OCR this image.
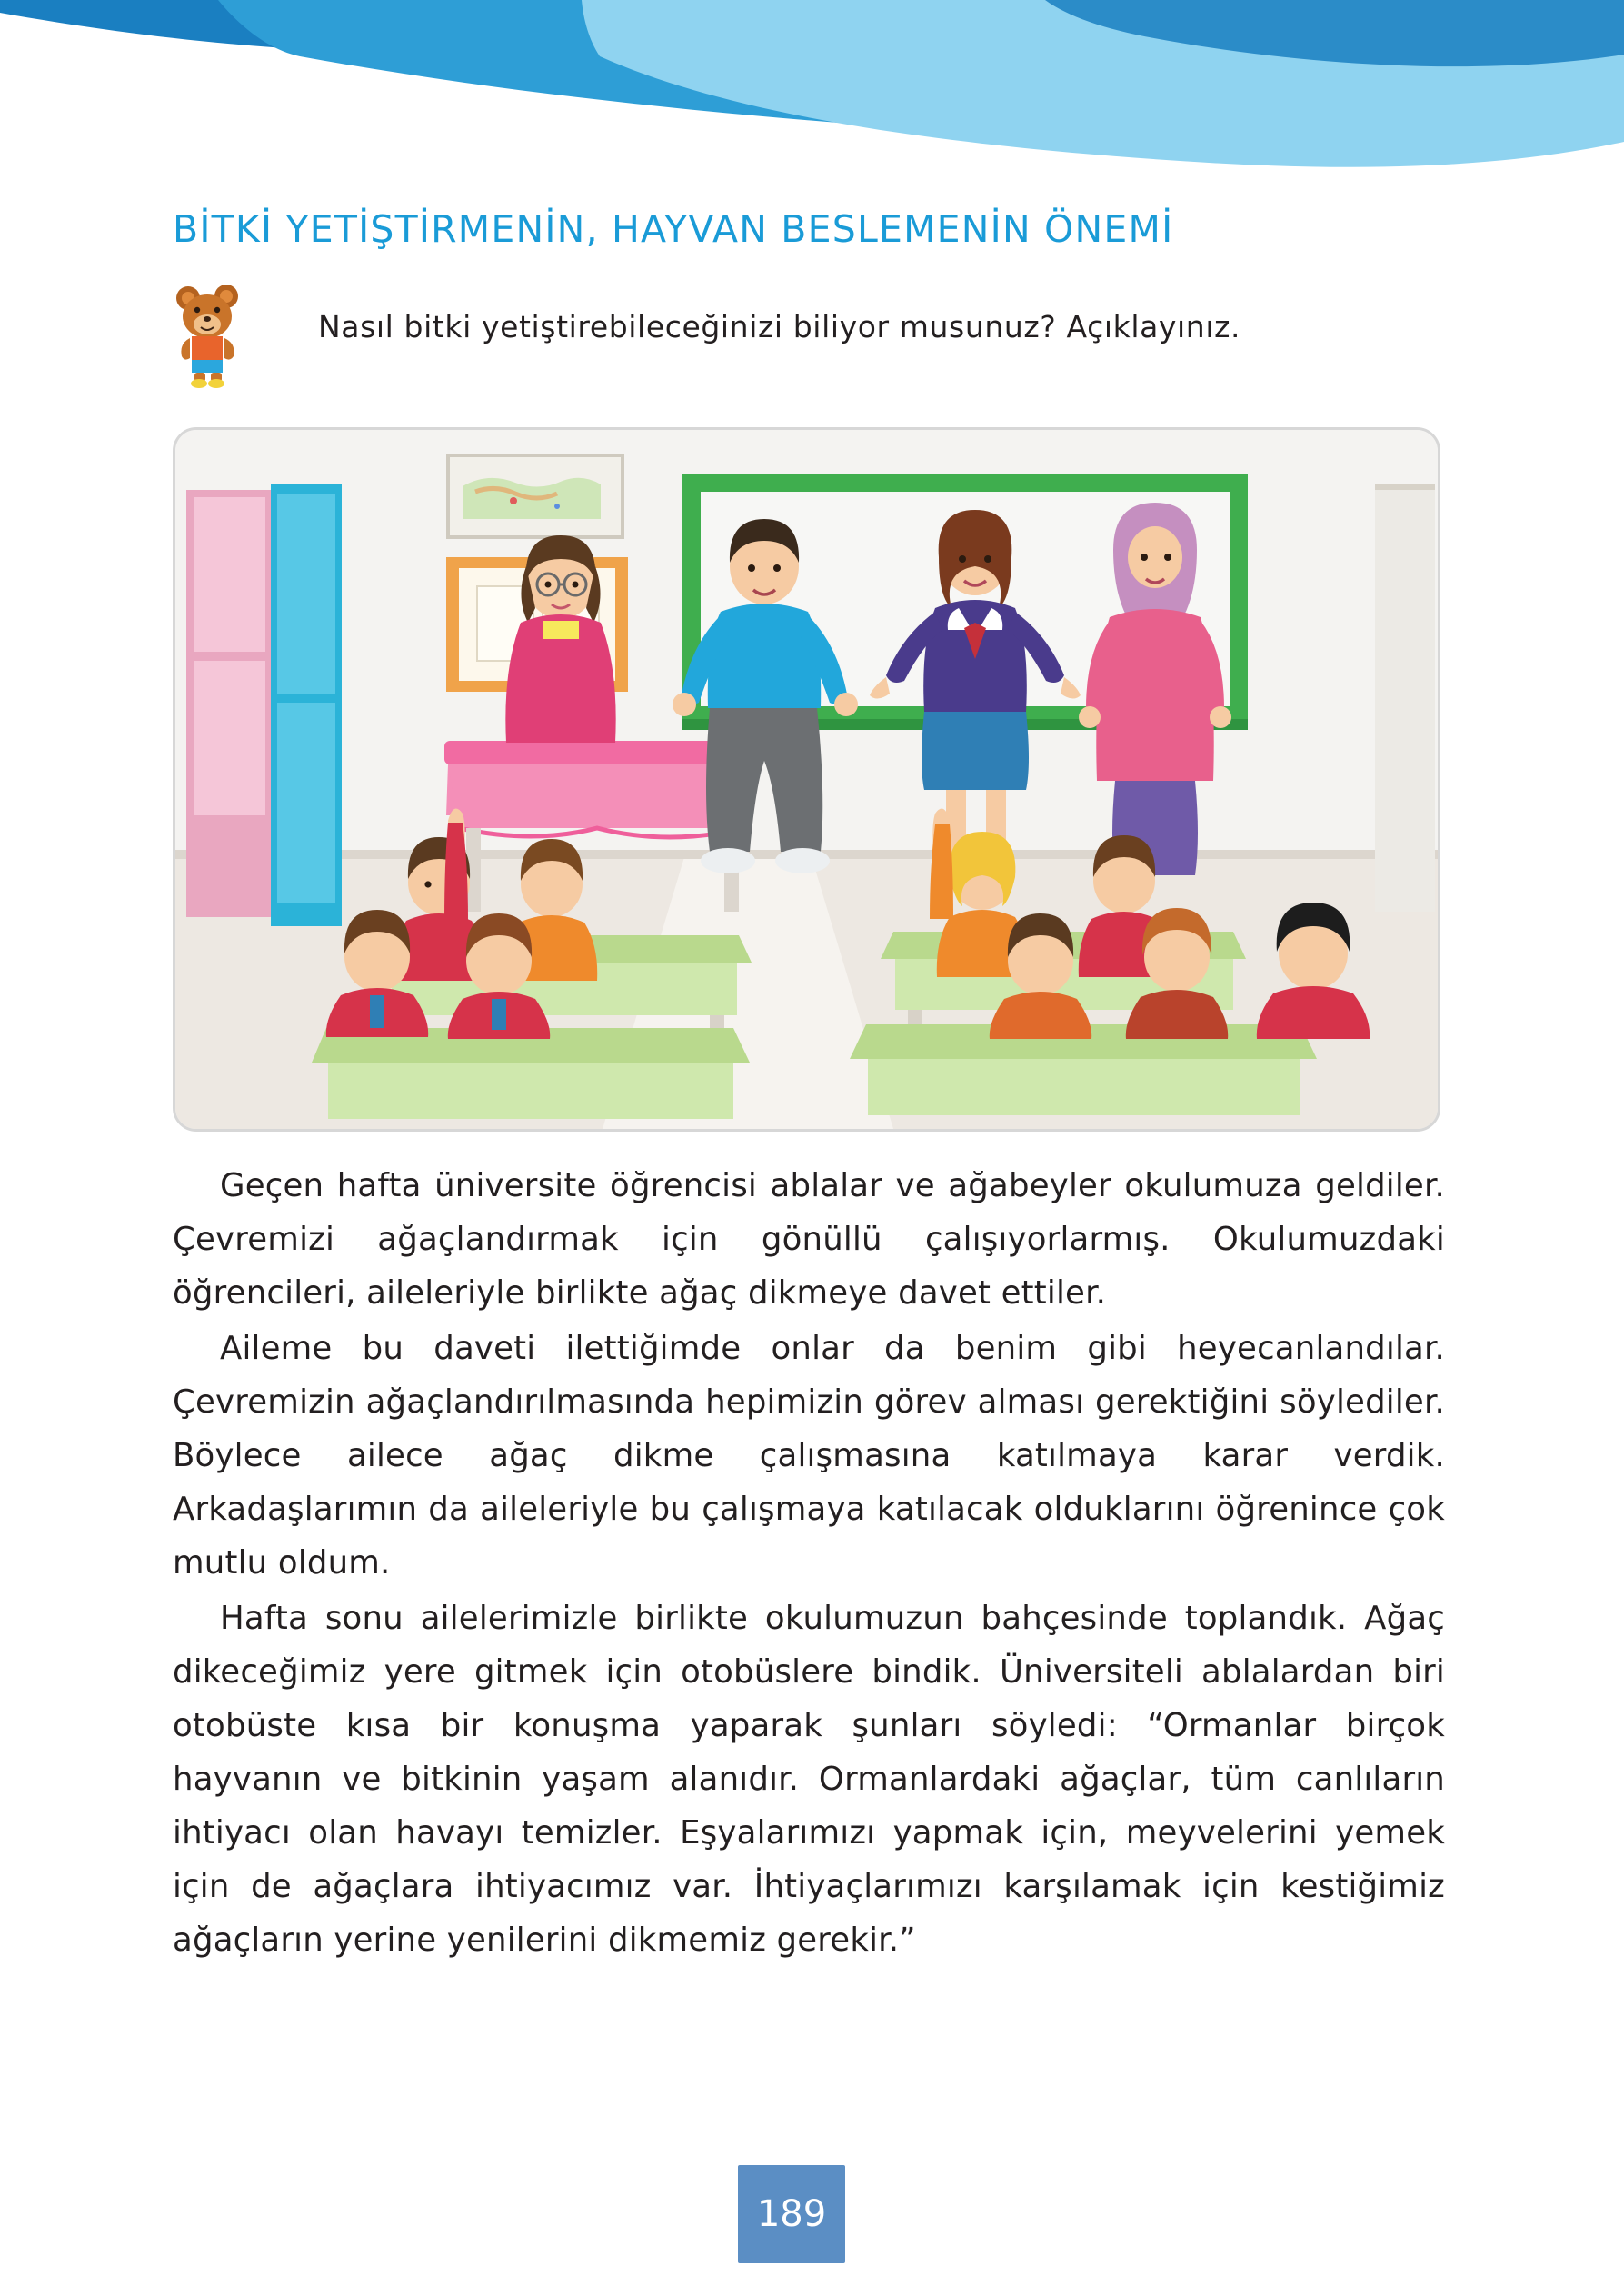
BİTKİ YETİŞTİRMENİN, HAYVAN BESLEMENİN ÖNEMİ
Nasıl bitki yetiştirebileceğinizi biliyor musunuz? Açıklayınız.

Geçen hafta üniversite öğrencisi ablalar ve ağabeyler okulumuza geldiler. Çevremizi ağaçlandırmak için gönüllü çalışıyorlarmış. Okulumuzdaki öğrencileri, aileleriyle birlikte ağaç dikmeye davet ettiler.

Aileme bu daveti ilettiğimde onlar da benim gibi heyecanlandılar. Çevremizin ağaçlandırılmasında hepimizin görev alması gerektiğini söylediler. Böylece ailece ağaç dikme çalışmasına katılmaya karar verdik. Arkadaşlarımın da aileleriyle bu çalışmaya katılacak olduklarını öğrenince çok mutlu oldum.

Hafta sonu ailelerimizle birlikte okulumuzun bahçesinde toplandık. Ağaç dikeceğimiz yere gitmek için otobüslere bindik. Üniversiteli ablalardan biri otobüste kısa bir konuşma yaparak şunları söyledi: “Ormanlar birçok hayvanın ve bitkinin yaşam alanıdır. Ormanlardaki ağaçlar, tüm canlıların ihtiyacı olan havayı temizler. Eşyalarımızı yapmak için, meyvelerini yemek için de ağaçlara ihtiyacımız var. İhtiyaçlarımızı karşılamak için kestiğimiz ağaçların yerine yenilerini dikmemiz gerekir.”

189
